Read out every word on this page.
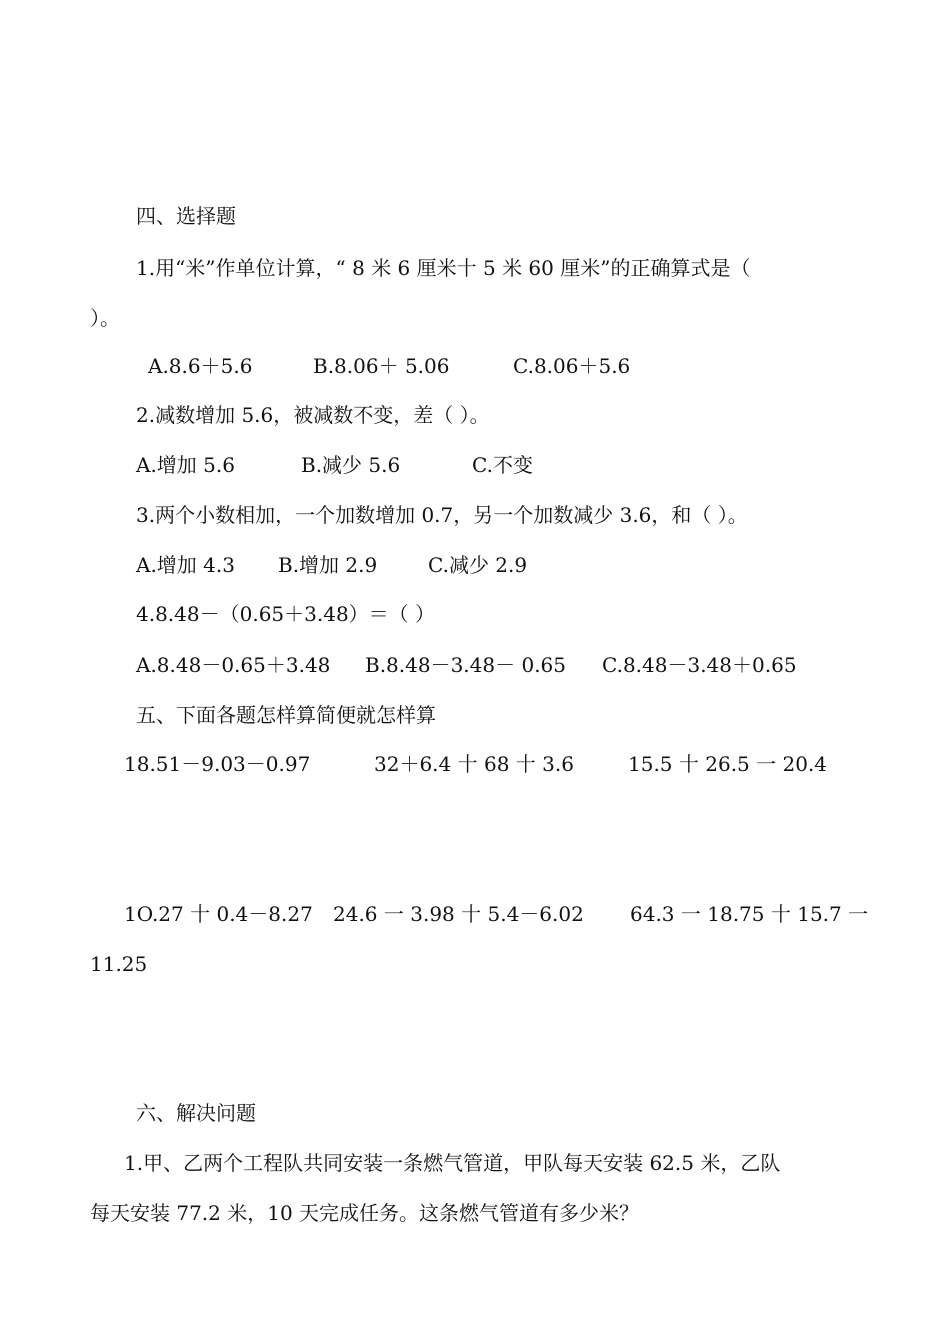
四、选择题
1.用“米”作单位计算，“ 8 米 6 厘米十 5 米 60 厘米”的正确算式是（
）。
A.8.6＋5.6	B.8.06＋ 5.06	C.8.06＋5.6
2.减数增加 5.6，被减数不变，差（ ）。
A.增加 5.6	B.减少 5.6	C.不变
3.两个小数相加，一个加数增加 0.7，另一个加数减少 3.6，和（ ）。
A.增加 4.3 B.增加 2.9	C.减少 2.9
4.8.48－（0.65＋3.48）＝（ ）
A.8.48－0.65＋3.48 B.8.48－3.48－ 0.65 C.8.48－3.48＋0.65
五、下面各题怎样算简便就怎样算
18.51－9.03－0.97	32＋6.4 十 68 十 3.6	15.5 十 26.5 一 20.4
1O.27 十 0.4－8.27 24.6 一 3.98 十 5.4－6.02 64.3 一 18.75 十 15.7 一
11.25
六、解决问题
1.甲、乙两个工程队共同安装一条燃气管道，甲队每天安装 62.5 米，乙队
每天安装 77.2 米，10 天完成任务。这条燃气管道有多少米？
